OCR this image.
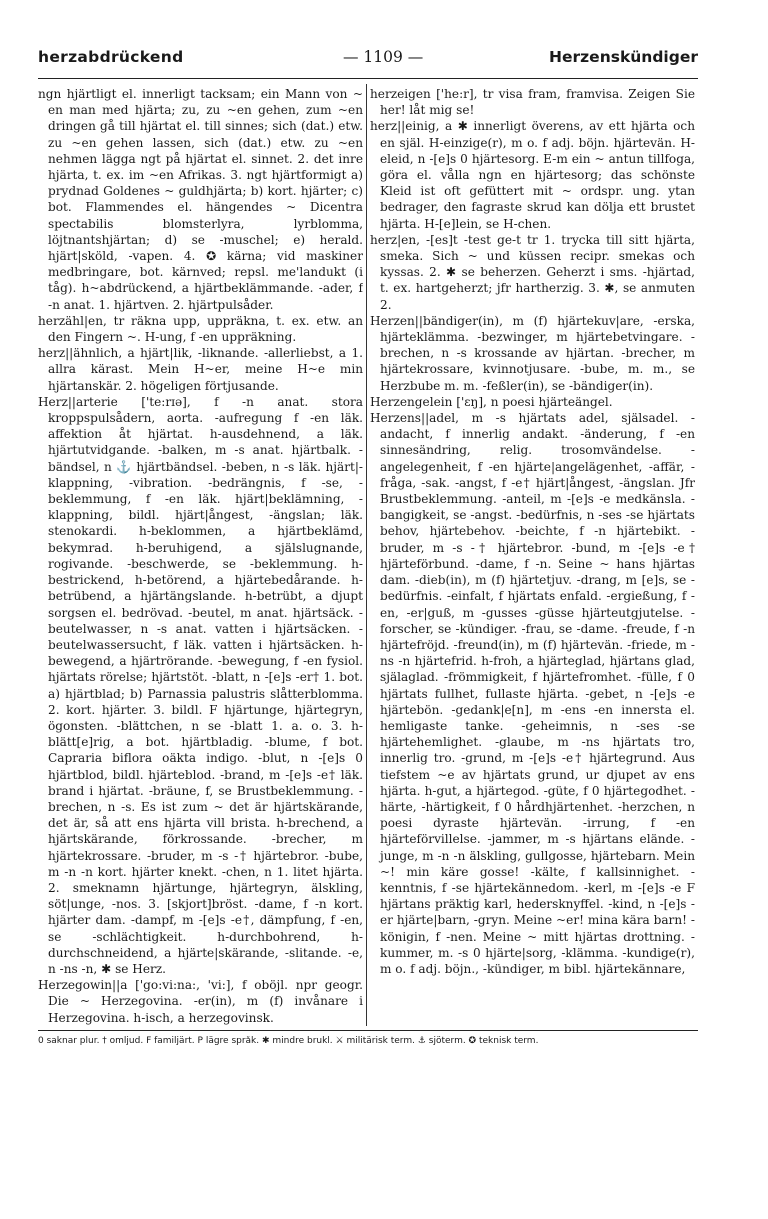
herzabdrückend	— 1109 —	Herzenskündiger

ngn hjärtligt el. innerligt tacksam; ein Mann von ~ en man med hjärta; zu, zu ~en gehen, zum ~en dringen gå till hjärtat el. till sinnes; sich (dat.) etw. zu ~en gehen lassen, sich (dat.) etw. zu ~en nehmen lägga ngt på hjärtat el. sinnet. 2. det inre hjärta, t. ex. im ~en Afrikas. 3. ngt hjärtformigt a) prydnad Goldenes ~ guldhjärta; b) kort. hjärter; c) bot. Flammendes el. hängendes ~ Dicentra spectabilis blomsterlyra, lyrblomma, löjtnantshjärtan; d) se -muschel; e) herald. hjärt|sköld, -vapen. 4. ✪ kärna; vid maskiner medbringare, bot. kärnved; repsl. me'landukt (i tåg). h~abdrückend, a hjärtbeklämmande. -ader, f -n anat. 1. hjärtven. 2. hjärtpulsåder.

herzähl|en, tr räkna upp, uppräkna, t. ex. etw. an den Fingern ~. H-ung, f -en uppräkning.

herz||ähnlich, a hjärt|lik, -liknande. -allerliebst, a 1. allra kärast. Mein H~er, meine H~e min hjärtanskär. 2. högeligen förtjusande.

Herz||arterie ['te:rɪə], f -n anat. stora kroppspulsådern, aorta. -aufregung f -en läk. affektion åt hjärtat. h-ausdehnend, a läk. hjärtutvidgande. -balken, m -s anat. hjärtbalk. -bändsel, n ⚓ hjärtbändsel. -beben, n -s läk. hjärt|-klappning, -vibration. -bedrängnis, f -se, -beklemmung, f -en läk. hjärt|beklämning, -klappning, bildl. hjärt|ångest, -ängslan; läk. stenokardi. h-beklommen, a hjärtbeklämd, bekymrad. h-beruhigend, a själslugnande, rogivande. -beschwerde, se -beklemmung. h-bestrickend, h-betörend, a hjärtebedårande. h-betrübend, a hjärtängslande. h-betrübt, a djupt sorgsen el. bedrövad. -beutel, m anat. hjärtsäck. -beutelwasser, n -s anat. vatten i hjärtsäcken. -beutelwassersucht, f läk. vatten i hjärtsäcken. h-bewegend, a hjärtrörande. -bewegung, f -en fysiol. hjärtats rörelse; hjärtstöt. -blatt, n -[e]s -er† 1. bot. a) hjärtblad; b) Parnassia palustris slåtterblomma. 2. kort. hjärter. 3. bildl. F hjärtunge, hjärtegryn, ögonsten. -blättchen, n se -blatt 1. a. o. 3. h-blätt[e]rig, a bot. hjärtbladig. -blume, f bot. Capraria biflora oäkta indigo. -blut, n -[e]s 0 hjärtblod, bildl. hjärteblod. -brand, m -[e]s -e† läk. brand i hjärtat. -bräune, f, se Brustbeklemmung. -brechen, n -s. Es ist zum ~ det är hjärtskärande, det är, så att ens hjärta vill brista. h-brechend, a hjärtskärande, förkrossande. -brecher, m hjärtekrossare. -bruder, m -s -† hjärtebror. -bube, m -n -n kort. hjärter knekt. -chen, n 1. litet hjärta. 2. smeknamn hjärtunge, hjärtegryn, älskling, söt|unge, -nos. 3. [skjort]bröst. -dame, f -n kort. hjärter dam. -dampf, m -[e]s -e†, dämpfung, f -en, se -schlächtigkeit. h-durchbohrend, h-durchschneidend, a hjärte|skärande, -slitande. -e, n -ns -n, ✱ se Herz.

Herzegowin||a ['go:vi:na:, 'vi:], f oböjl. npr geogr. Die ~ Herzegovina. -er(in), m (f) invånare i Herzegovina. h-isch, a herzegovinsk.

herzeigen ['he:r], tr visa fram, framvisa. Zeigen Sie her! låt mig se!

herz||einig, a ✱ innerligt överens, av ett hjärta och en själ. H-einzige(r), m o. f adj. böjn. hjärtevän. H-eleid, n -[e]s 0 hjärtesorg. E-m ein ~ antun tillfoga, göra el. vålla ngn en hjärtesorg; das schönste Kleid ist oft gefüttert mit ~ ordspr. ung. ytan bedrager, den fagraste skrud kan dölja ett brustet hjärta. H-[e]lein, se H-chen.

herz|en, -[es]t -test ge-t tr 1. trycka till sitt hjärta, smeka. Sich ~ und küssen recipr. smekas och kyssas. 2. ✱ se beherzen. Geherzt i sms. -hjärtad, t. ex. hartgeherzt; jfr hartherzig. 3. ✱, se anmuten 2.

Herzen||bändiger(in), m (f) hjärtekuv|are, -erska, hjärteklämma. -bezwinger, m hjärtebetvingare. -brechen, n -s krossande av hjärtan. -brecher, m hjärtekrossare, kvinnotjusare. -bube, m. m., se Herzbube m. m. -feßler(in), se -bändiger(in).

Herzengelein ['ɛŋ], n poesi hjärteängel.

Herzens||adel, m -s hjärtats adel, själsadel. -andacht, f innerlig andakt. -änderung, f -en sinnesändring, relig. trosomvändelse. -angelegenheit, f -en hjärte|angelägenhet, -affär, -fråga, -sak. -angst, f -e† hjärt|ångest, -ängslan. Jfr Brustbeklemmung. -anteil, m -[e]s -e medkänsla. -bangigkeit, se -angst. -bedürfnis, n -ses -se hjärtats behov, hjärtebehov. -beichte, f -n hjärtebikt. -bruder, m -s -† hjärtebror. -bund, m -[e]s -e† hjärteförbund. -dame, f -n. Seine ~ hans hjärtas dam. -dieb(in), m (f) hjärtetjuv. -drang, m [e]s, se -bedürfnis. -einfalt, f hjärtats enfald. -ergießung, f -en, -er|guß, m -gusses -güsse hjärteutgjutelse. -forscher, se -kündiger. -frau, se -dame. -freude, f -n hjärtefröjd. -freund(in), m (f) hjärtevän. -friede, m -ns -n hjärtefrid. h-froh, a hjärteglad, hjärtans glad, själaglad. -frömmigkeit, f hjärtefromhet. -fülle, f 0 hjärtats fullhet, fullaste hjärta. -gebet, n -[e]s -e hjärtebön. -gedank|e[n], m -ens -en innersta el. hemligaste tanke. -geheimnis, n -ses -se hjärtehemlighet. -glaube, m -ns hjärtats tro, innerlig tro. -grund, m -[e]s -e† hjärtegrund. Aus tiefstem ~e av hjärtats grund, ur djupet av ens hjärta. h-gut, a hjärtegod. -güte, f 0 hjärtegodhet. -härte, -härtigkeit, f 0 hårdhjärtenhet. -herzchen, n poesi dyraste hjärtevän. -irrung, f -en hjärteförvillelse. -jammer, m -s hjärtans elände. -junge, m -n -n älskling, gullgosse, hjärtebarn. Mein ~! min käre gosse! -kälte, f kallsinnighet. -kenntnis, f -se hjärtekännedom. -kerl, m -[e]s -e F hjärtans präktig karl, hedersknyffel. -kind, n -[e]s -er hjärte|barn, -gryn. Meine ~er! mina kära barn! -königin, f -nen. Meine ~ mitt hjärtas drottning. -kummer, m. -s 0 hjärte|sorg, -klämma. -kundige(r), m o. f adj. böjn., -kündiger, m bibl. hjärtekännare,

0 saknar plur. † omljud. F familjärt. P lägre språk. ✱ mindre brukl. ⚔ militärisk term. ⚓ sjöterm. ✪ teknisk term.
